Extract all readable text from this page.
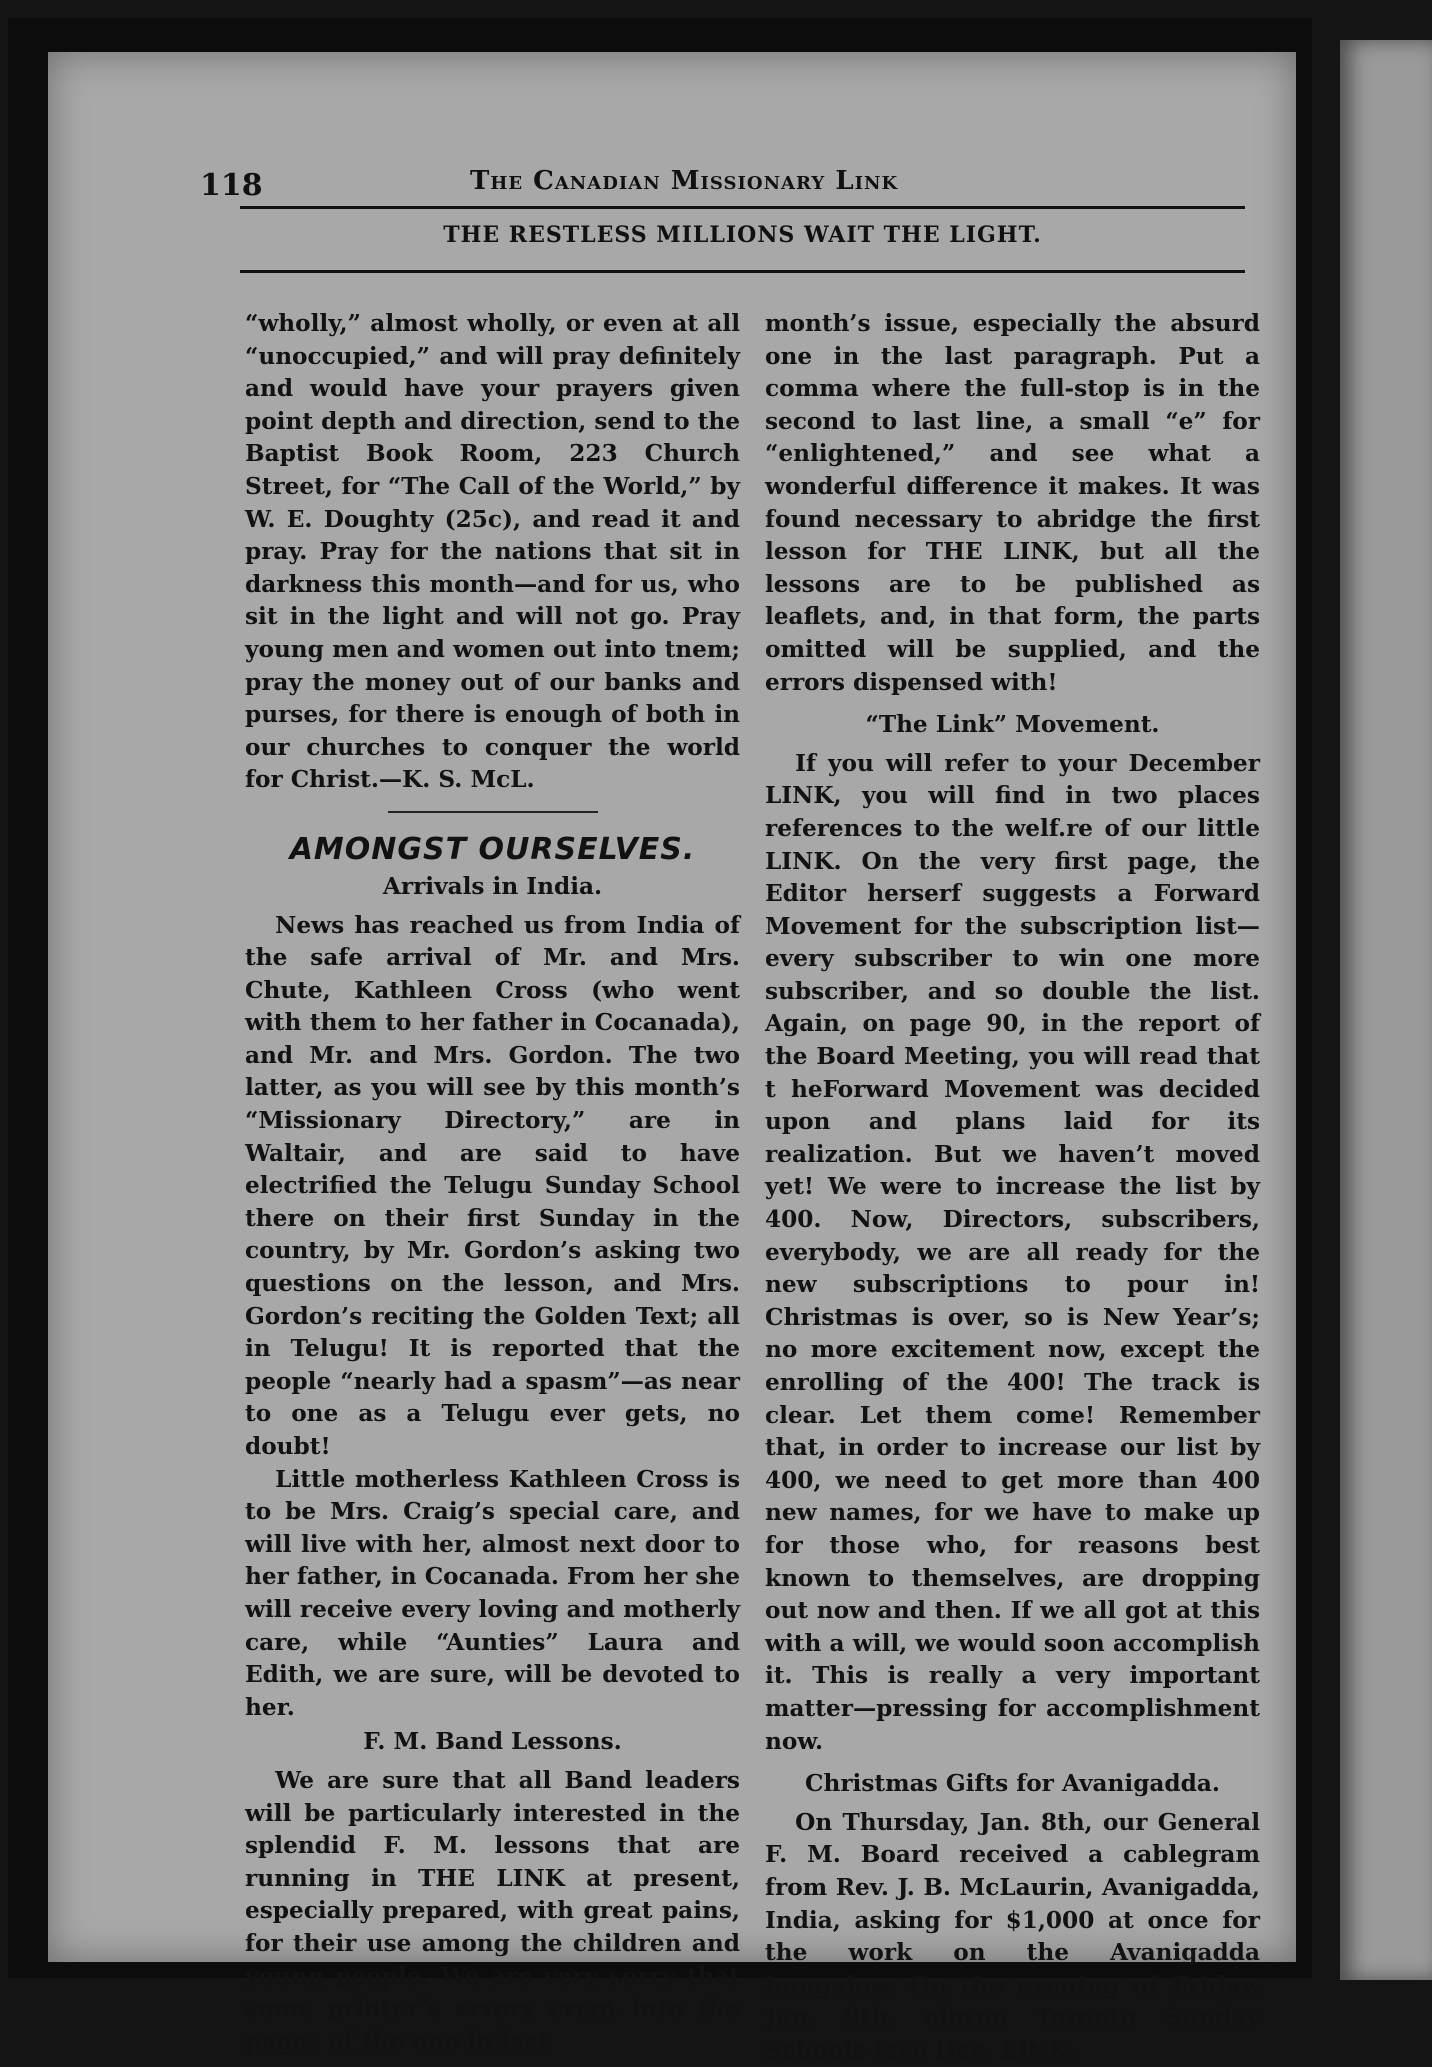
118	The Canadian Missionary Link
THE RESTLESS MILLIONS WAIT THE LIGHT.

“wholly,” almost wholly, or even at all “unoccupied,” and will pray definitely and would have your prayers given point depth and direction, send to the Baptist Book Room, 223 Church Street, for “The Call of the World,” by W. E. Doughty (25c), and read it and pray. Pray for the nations that sit in darkness this month—and for us, who sit in the light and will not go. Pray young men and women out into tnem; pray the money out of our banks and purses, for there is enough of both in our churches to conquer the world for Christ.—K. S. McL.

AMONGST OURSELVES.
Arrivals in India.

News has reached us from India of the safe arrival of Mr. and Mrs. Chute, Kathleen Cross (who went with them to her father in Cocanada), and Mr. and Mrs. Gordon. The two latter, as you will see by this month’s “Missionary Directory,” are in Waltair, and are said to have electrified the Telugu Sunday School there on their first Sunday in the country, by Mr. Gordon’s asking two questions on the lesson, and Mrs. Gordon’s reciting the Golden Text; all in Telugu! It is reported that the people “nearly had a spasm”—as near to one as a Telugu ever gets, no doubt!

Little motherless Kathleen Cross is to be Mrs. Craig’s special care, and will live with her, almost next door to her father, in Cocanada. From her she will receive every loving and motherly care, while “Aunties” Laura and Edith, we are sure, will be devoted to her.

F. M. Band Lessons.

We are sure that all Band leaders will be particularly interested in the splendid F. M. lessons that are running in THE LINK at present, especially prepared, with great pains, for their use among the children and young people. We are very sorry that some printer’s errors crept into the pages of the one in last

month’s issue, especially the absurd one in the last paragraph. Put a comma where the full-stop is in the second to last line, a small “e” for “enlightened,” and see what a wonderful difference it makes. It was found necessary to abridge the first lesson for THE LINK, but all the lessons are to be published as leaflets, and, in that form, the parts omitted will be supplied, and the errors dispensed with!

“The Link” Movement.

If you will refer to your December LINK, you will find in two places references to the welf.re of our little LINK. On the very first page, the Editor herserf suggests a Forward Movement for the subscription list—every subscriber to win one more subscriber, and so double the list. Again, on page 90, in the report of the Board Meeting, you will read that t heForward Movement was decided upon and plans laid for its realization. But we haven’t moved yet! We were to increase the list by 400. Now, Directors, subscribers, everybody, we are all ready for the new subscriptions to pour in! Christmas is over, so is New Year’s; no more excitement now, except the enrolling of the 400! The track is clear. Let them come! Remember that, in order to increase our list by 400, we need to get more than 400 new names, for we have to make up for those who, for reasons best known to themselves, are dropping out now and then. If we all got at this with a will, we would soon accomplish it. This is really a very important matter—pressing for accomplishment now.

Christmas Gifts for Avanigadda.

On Thursday, Jan. 8th, our General F. M. Board received a cablegram from Rev. J. B. McLaurin, Avanigadda, India, asking for $1,000 at once for the work on the Avanigadda bungalow. On the evening of Friday, Jan. 9th, eleven Toronto Sunday Schools (see Dec. LINK,
